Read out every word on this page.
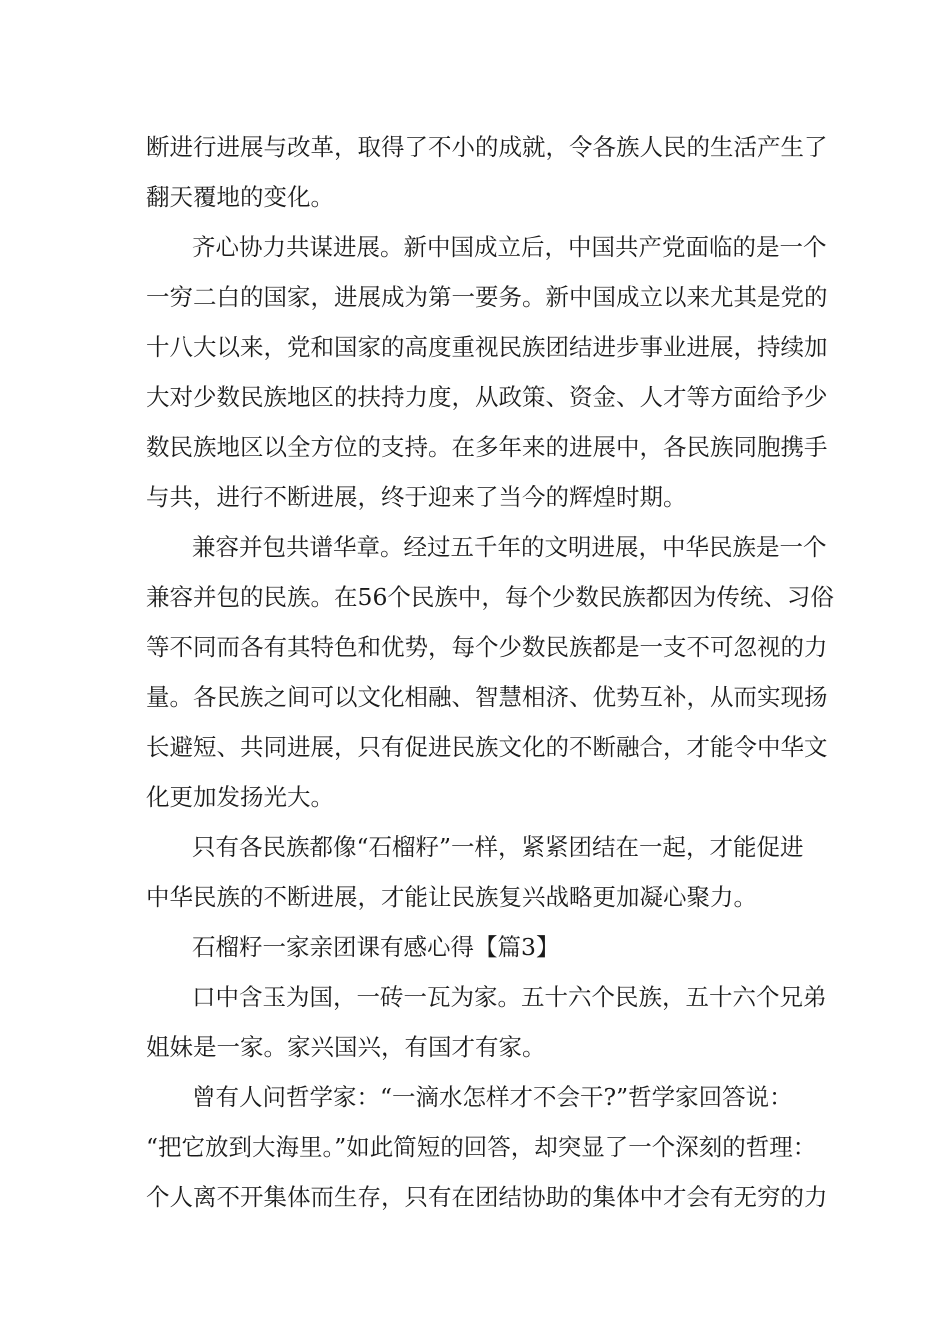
断进行进展与改革，取得了不小的成就，令各族人民的生活产生了
翻天覆地的变化。
齐心协力共谋进展。新中国成立后，中国共产党面临的是一个
一穷二白的国家，进展成为第一要务。新中国成立以来尤其是党的
十八大以来，党和国家的高度重视民族团结进步事业进展，持续加
大对少数民族地区的扶持力度，从政策、资金、人才等方面给予少
数民族地区以全方位的支持。在多年来的进展中，各民族同胞携手
与共，进行不断进展，终于迎来了当今的辉煌时期。
兼容并包共谱华章。经过五千年的文明进展，中华民族是一个
兼容并包的民族。在56个民族中，每个少数民族都因为传统、习俗
等不同而各有其特色和优势，每个少数民族都是一支不可忽视的力
量。各民族之间可以文化相融、智慧相济、优势互补，从而实现扬
长避短、共同进展，只有促进民族文化的不断融合，才能令中华文
化更加发扬光大。
只有各民族都像“石榴籽”一样，紧紧团结在一起，才能促进
中华民族的不断进展，才能让民族复兴战略更加凝心聚力。
石榴籽一家亲团课有感心得【篇3】
口中含玉为国，一砖一瓦为家。五十六个民族，五十六个兄弟
姐妹是一家。家兴国兴，有国才有家。
曾有人问哲学家：“一滴水怎样才不会干?”哲学家回答说：
“把它放到大海里。”如此简短的回答，却突显了一个深刻的哲理：
个人离不开集体而生存，只有在团结协助的集体中才会有无穷的力
